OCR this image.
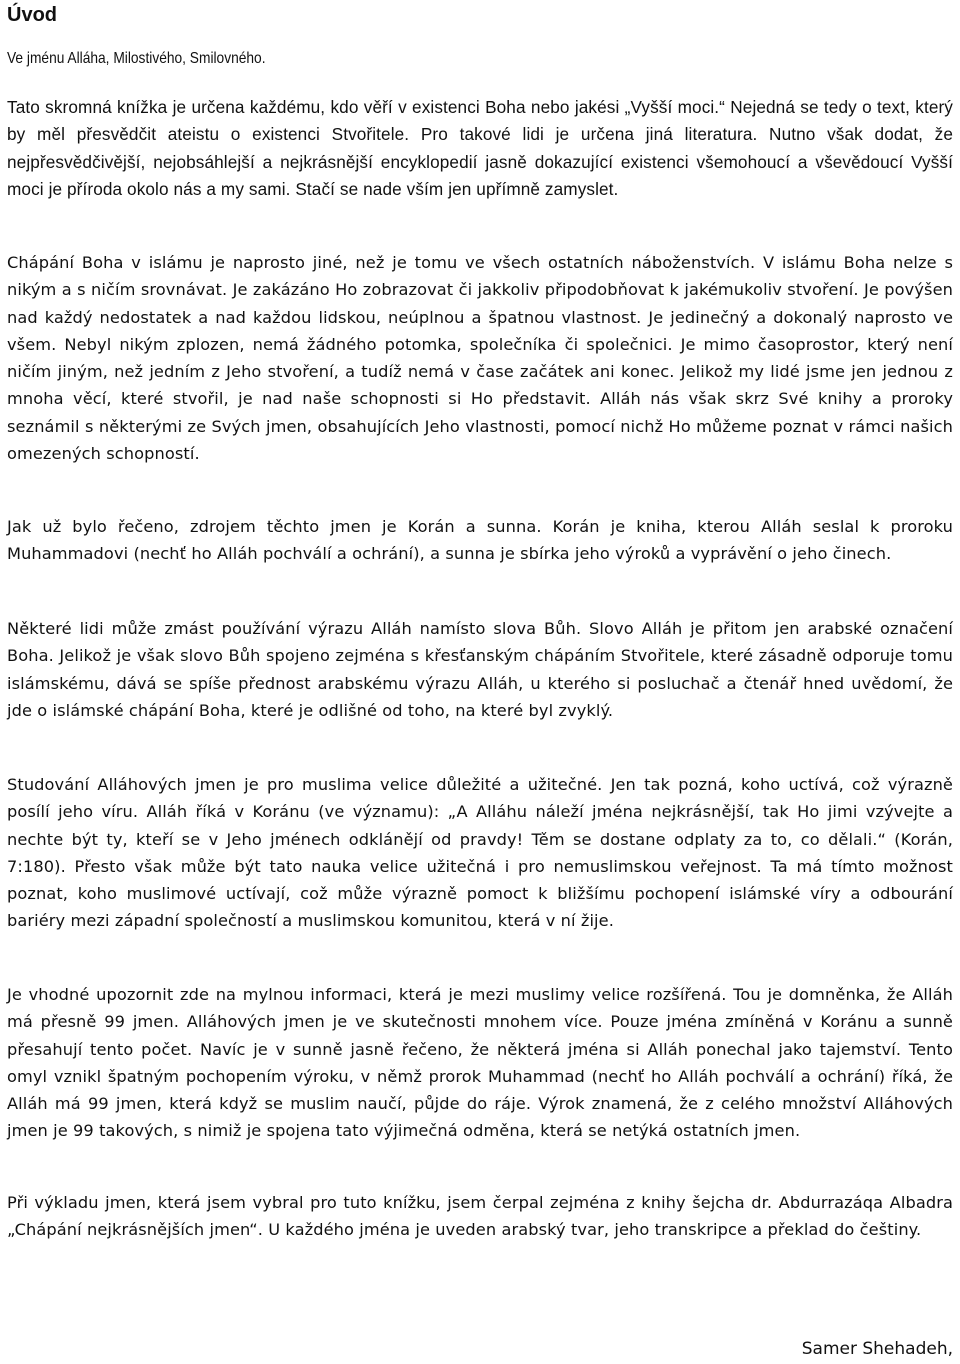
Úvod

Ve jménu Alláha, Milostivého, Smilovného.

Tato skromná knížka je určena každému, kdo věří v existenci Boha nebo jakési „Vyšší moci.“ Nejedná se tedy o text, který by měl přesvědčit ateistu o existenci Stvořitele. Pro takové lidi je určena jiná literatura. Nutno však dodat, že nejpřesvědčivější, nejobsáhlejší a nejkrásnější encyklopedií jasně dokazující existenci všemohoucí a vševědoucí Vyšší moci je příroda okolo nás a my sami. Stačí se nade vším jen upřímně zamyslet.

Chápání Boha v islámu je naprosto jiné, než je tomu ve všech ostatních náboženstvích. V islámu Boha nelze s nikým a s ničím srovnávat. Je zakázáno Ho zobrazovat či jakkoliv připodobňovat k jakémukoliv stvoření. Je povýšen nad každý nedostatek a nad každou lidskou, neúplnou a špatnou vlastnost. Je jedinečný a dokonalý naprosto ve všem. Nebyl nikým zplozen, nemá žádného potomka, společníka či společnici. Je mimo časoprostor, který není ničím jiným, než jedním z Jeho stvoření, a tudíž nemá v čase začátek ani konec. Jelikož my lidé jsme jen jednou z mnoha věcí, které stvořil, je nad naše schopnosti si Ho představit. Alláh nás však skrz Své knihy a proroky seznámil s některými ze Svých jmen, obsahujících Jeho vlastnosti, pomocí nichž Ho můžeme poznat v rámci našich omezených schopností.

Jak už bylo řečeno, zdrojem těchto jmen je Korán a sunna. Korán je kniha, kterou Alláh seslal k proroku Muhammadovi (nechť ho Alláh pochválí a ochrání), a sunna je sbírka jeho výroků a vyprávění o jeho činech.

Některé lidi může zmást používání výrazu Alláh namísto slova Bůh. Slovo Alláh je přitom jen arabské označení Boha. Jelikož je však slovo Bůh spojeno zejména s křesťanským chápáním Stvořitele, které zásadně odporuje tomu islámskému, dává se spíše přednost arabskému výrazu Alláh, u kterého si posluchač a čtenář hned uvědomí, že jde o islámské chápání Boha, které je odlišné od toho, na které byl zvyklý.

Studování Alláhových jmen je pro muslima velice důležité a užitečné. Jen tak pozná, koho uctívá, což výrazně posílí jeho víru. Alláh říká v Koránu (ve významu): „A Alláhu náleží jména nejkrásnější, tak Ho jimi vzývejte a nechte být ty, kteří se v Jeho jménech odklánějí od pravdy! Těm se dostane odplaty za to, co dělali.“ (Korán, 7:180). Přesto však může být tato nauka velice užitečná i pro nemuslimskou veřejnost. Ta má tímto možnost poznat, koho muslimové uctívají, což může výrazně pomoct k bližšímu pochopení islámské víry a odbourání bariéry mezi západní společností a muslimskou komunitou, která v ní žije.

Je vhodné upozornit zde na mylnou informaci, která je mezi muslimy velice rozšířená. Tou je domněnka, že Alláh má přesně 99 jmen. Alláhových jmen je ve skutečnosti mnohem více. Pouze jména zmíněná v Koránu a sunně přesahují tento počet. Navíc je v sunně jasně řečeno, že některá jména si Alláh ponechal jako tajemství. Tento omyl vznikl špatným pochopením výroku, v němž prorok Muhammad (nechť ho Alláh pochválí a ochrání) říká, že Alláh má 99 jmen, která když se muslim naučí, půjde do ráje. Výrok znamená, že z celého množství Alláhových jmen je 99 takových, s nimiž je spojena tato výjimečná odměna, která se netýká ostatních jmen.

Při výkladu jmen, která jsem vybral pro tuto knížku, jsem čerpal zejména z knihy šejcha dr. Abdurrazáqa Albadra „Chápání nejkrásnějších jmen“. U každého jména je uveden arabský tvar, jeho transkripce a překlad do češtiny.

Samer Shehadeh,
